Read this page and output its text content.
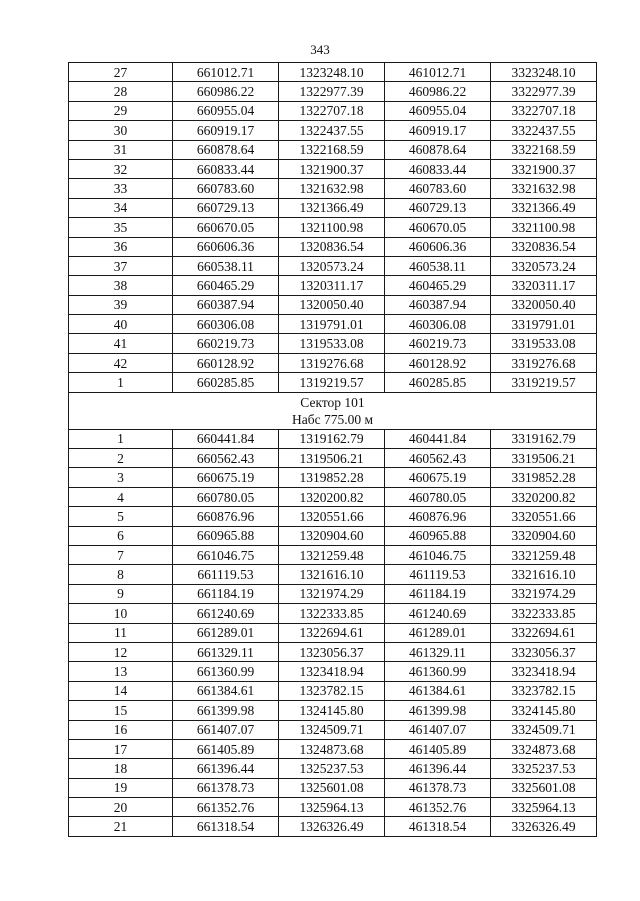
343
27	661012.71	1323248.10	461012.71	3323248.10
28	660986.22	1322977.39	460986.22	3322977.39
29	660955.04	1322707.18	460955.04	3322707.18
30	660919.17	1322437.55	460919.17	3322437.55
31	660878.64	1322168.59	460878.64	3322168.59
32	660833.44	1321900.37	460833.44	3321900.37
33	660783.60	1321632.98	460783.60	3321632.98
34	660729.13	1321366.49	460729.13	3321366.49
35	660670.05	1321100.98	460670.05	3321100.98
36	660606.36	1320836.54	460606.36	3320836.54
37	660538.11	1320573.24	460538.11	3320573.24
38	660465.29	1320311.17	460465.29	3320311.17
39	660387.94	1320050.40	460387.94	3320050.40
40	660306.08	1319791.01	460306.08	3319791.01
41	660219.73	1319533.08	460219.73	3319533.08
42	660128.92	1319276.68	460128.92	3319276.68
1	660285.85	1319219.57	460285.85	3319219.57

Сектор 101
Набс 775.00 м				

1	660441.84	1319162.79	460441.84	3319162.79
2	660562.43	1319506.21	460562.43	3319506.21
3	660675.19	1319852.28	460675.19	3319852.28
4	660780.05	1320200.82	460780.05	3320200.82
5	660876.96	1320551.66	460876.96	3320551.66
6	660965.88	1320904.60	460965.88	3320904.60
7	661046.75	1321259.48	461046.75	3321259.48
8	661119.53	1321616.10	461119.53	3321616.10
9	661184.19	1321974.29	461184.19	3321974.29
10	661240.69	1322333.85	461240.69	3322333.85
11	661289.01	1322694.61	461289.01	3322694.61
12	661329.11	1323056.37	461329.11	3323056.37
13	661360.99	1323418.94	461360.99	3323418.94
14	661384.61	1323782.15	461384.61	3323782.15
15	661399.98	1324145.80	461399.98	3324145.80
16	661407.07	1324509.71	461407.07	3324509.71
17	661405.89	1324873.68	461405.89	3324873.68
18	661396.44	1325237.53	461396.44	3325237.53
19	661378.73	1325601.08	461378.73	3325601.08
20	661352.76	1325964.13	461352.76	3325964.13
21	661318.54	1326326.49	461318.54	3326326.49
